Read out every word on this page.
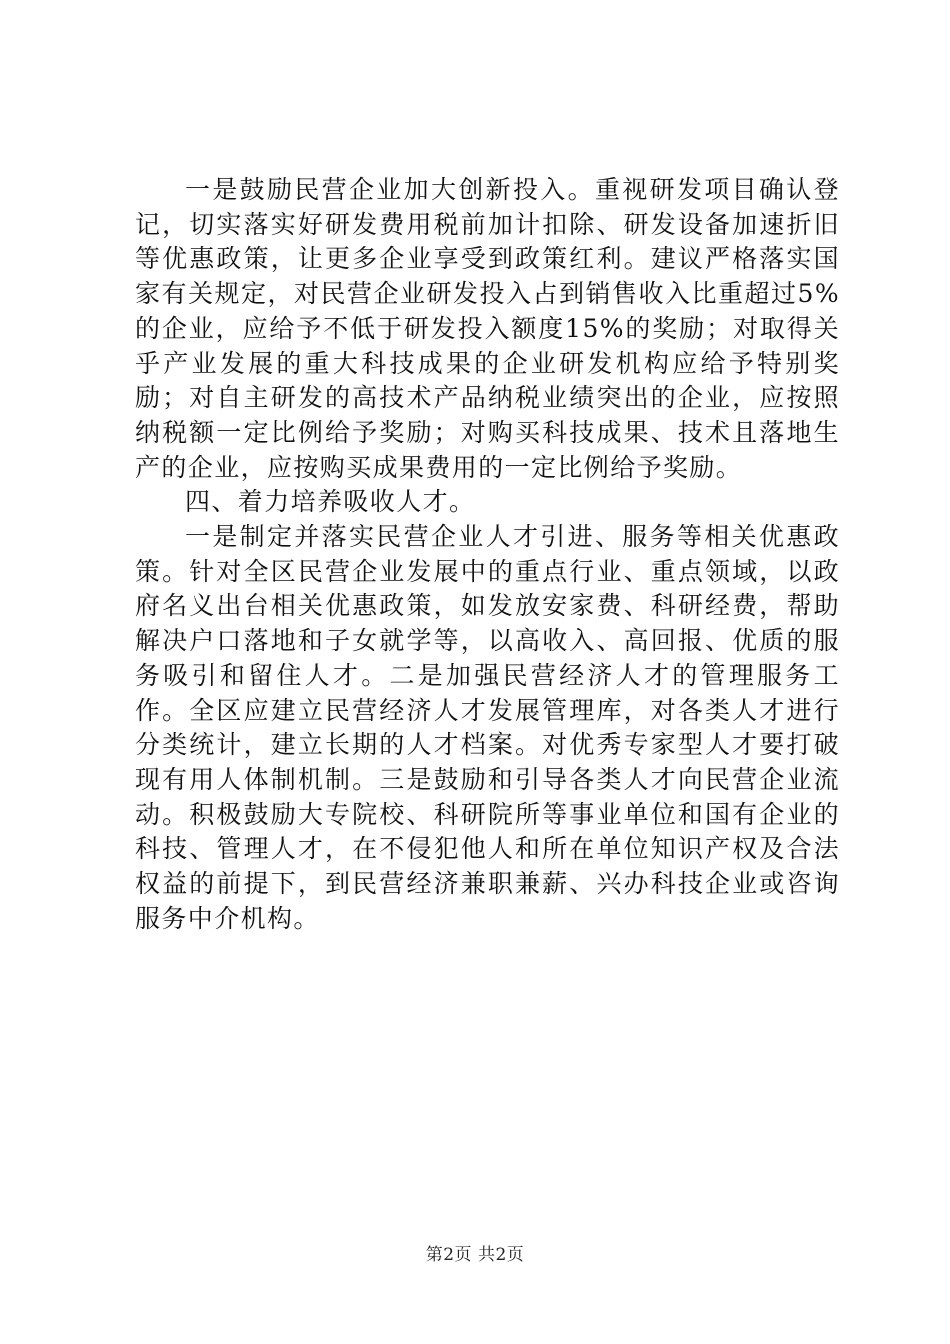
一是鼓励民营企业加大创新投入。重视研发项目确认登记，切实落实好研发费用税前加计扣除、研发设备加速折旧等优惠政策，让更多企业享受到政策红利。建议严格落实国家有关规定，对民营企业研发投入占到销售收入比重超过5%的企业，应给予不低于研发投入额度15%的奖励；对取得关乎产业发展的重大科技成果的企业研发机构应给予特别奖励；对自主研发的高技术产品纳税业绩突出的企业，应按照纳税额一定比例给予奖励；对购买科技成果、技术且落地生产的企业，应按购买成果费用的一定比例给予奖励。

四、着力培养吸收人才。

一是制定并落实民营企业人才引进、服务等相关优惠政策。针对全区民营企业发展中的重点行业、重点领域，以政府名义出台相关优惠政策，如发放安家费、科研经费，帮助解决户口落地和子女就学等，以高收入、高回报、优质的服务吸引和留住人才。二是加强民营经济人才的管理服务工作。全区应建立民营经济人才发展管理库，对各类人才进行分类统计，建立长期的人才档案。对优秀专家型人才要打破现有用人体制机制。三是鼓励和引导各类人才向民营企业流动。积极鼓励大专院校、科研院所等事业单位和国有企业的科技、管理人才，在不侵犯他人和所在单位知识产权及合法权益的前提下，到民营经济兼职兼薪、兴办科技企业或咨询服务中介机构。

第2页 共2页
